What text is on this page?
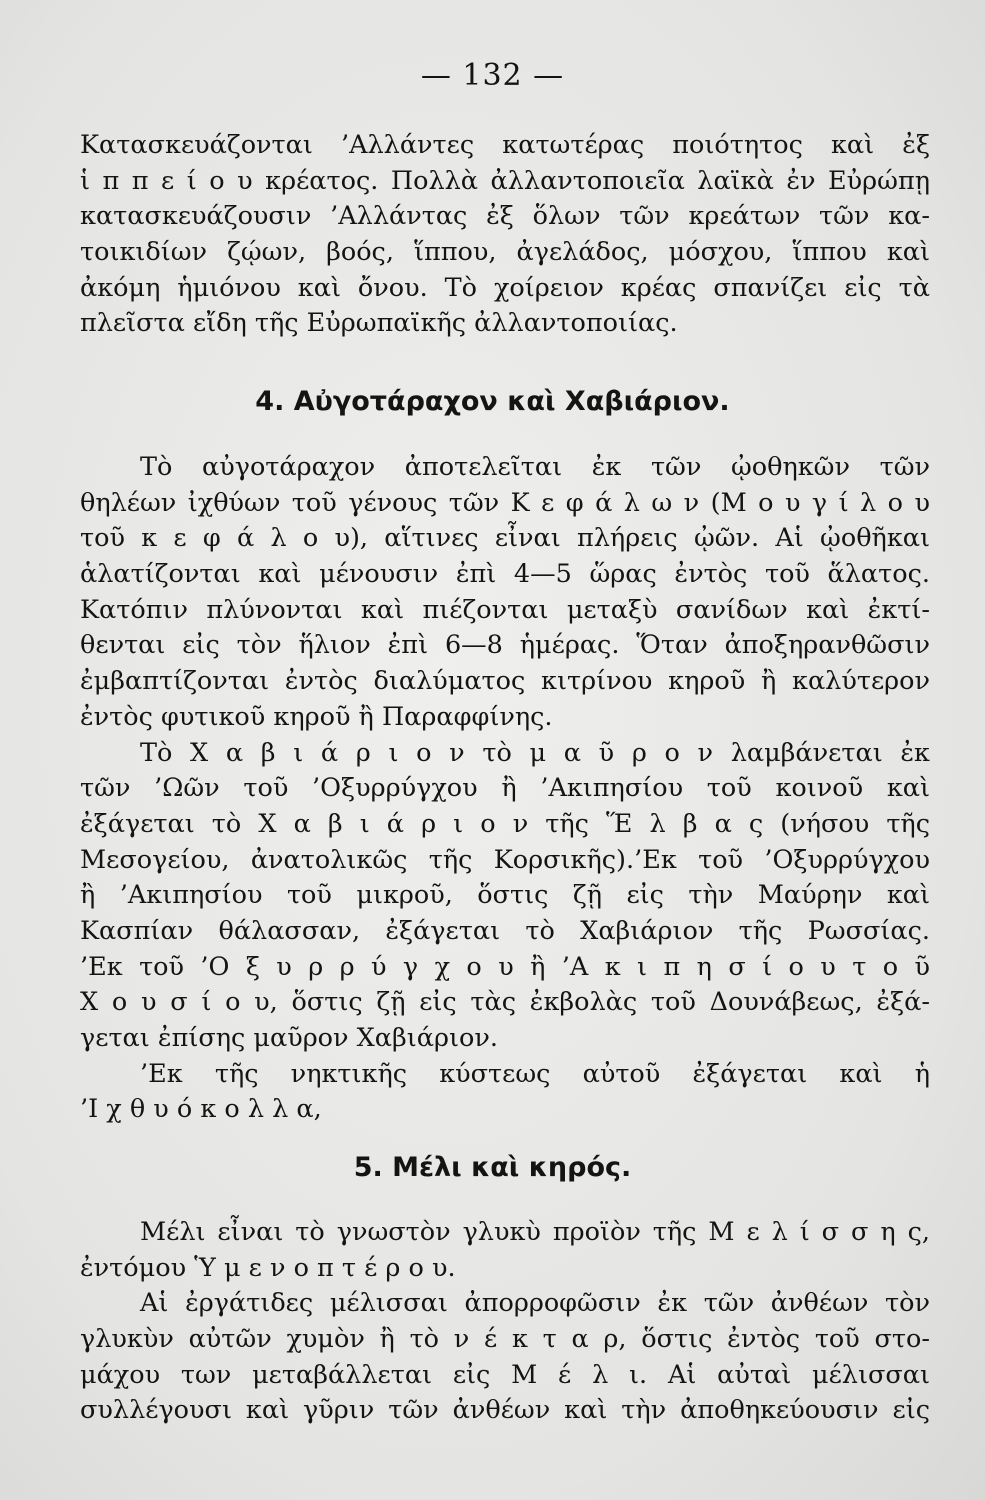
— 132 —
Κατασκευάζονται ’Αλλάντες κατωτέρας ποιότητος καὶ ἐξ
ἱ π π ε ί ο υ κρέατος. Πολλὰ ἀλλαντοποιεῖα λαϊκὰ ἐν Εὐρώπῃ
κατασκευάζουσιν ’Αλλάντας ἐξ ὅλων τῶν κρεάτων τῶν κα-
τοικιδίων ζῴων, βοός, ἵππου, ἀγελάδος, μόσχου, ἵππου καὶ
ἀκόμη ἡμιόνου καὶ ὄνου. Τὸ χοίρειον κρέας σπανίζει εἰς τὰ
πλεῖστα εἴδη τῆς Εὐρωπαϊκῆς ἀλλαντοποιίας.
4. Αὐγοτάραχον καὶ Χαβιάριον.
Τὸ αὐγοτάραχον ἀποτελεῖται ἐκ τῶν ᾠοθηκῶν τῶν
θηλέων ἰχθύων τοῦ γένους τῶν Κ ε φ ά λ ω ν (Μ ο υ γ ί λ ο υ
τοῦ κ ε φ ά λ ο υ), αἵτινες εἶναι πλήρεις ᾠῶν. Αἱ ᾠοθῆκαι
ἁλατίζονται καὶ μένουσιν ἐπὶ 4—5 ὥρας ἐντὸς τοῦ ἅλατος.
Κατόπιν πλύνονται καὶ πιέζονται μεταξὺ σανίδων καὶ ἐκτί-
θενται εἰς τὸν ἥλιον ἐπὶ 6—8 ἡμέρας. Ὅταν ἀποξηρανθῶσιν
ἐμβαπτίζονται ἐντὸς διαλύματος κιτρίνου κηροῦ ἢ καλύτερον
ἐντὸς φυτικοῦ κηροῦ ἢ Παραφφίνης.
Τὸ Χ α β ι ά ρ ι ο ν τὸ μ α ῦ ρ ο ν λαμβάνεται ἐκ
τῶν ’Ωῶν τοῦ ’Οξυρρύγχου ἢ ’Ακιπησίου τοῦ κοινοῦ καὶ
ἐξάγεται τὸ Χ α β ι ά ρ ι ο ν τῆς Ἕ λ β α ς (νήσου τῆς
Μεσογείου, ἀνατολικῶς τῆς Κορσικῆς).’Εκ τοῦ ’Οξυρρύγχου
ἢ ’Ακιπησίου τοῦ μικροῦ, ὅστις ζῇ εἰς τὴν Μαύρην καὶ
Κασπίαν θάλασσαν, ἐξάγεται τὸ Χαβιάριον τῆς Ρωσσίας.
’Εκ τοῦ ’Ο ξ υ ρ ρ ύ γ χ ο υ ἢ ’Α κ ι π η σ ί ο υ τ ο ῦ
Χ ο υ σ ί ο υ, ὅστις ζῇ εἰς τὰς ἐκβολὰς τοῦ Δουνάβεως, ἐξά-
γεται ἐπίσης μαῦρον Χαβιάριον.
’Εκ τῆς νηκτικῆς κύστεως αὐτοῦ ἐξάγεται καὶ ἡ
’Ι χ θ υ ό κ ο λ λ α,
5. Μέλι καὶ κηρός.
Μέλι εἶναι τὸ γνωστὸν γλυκὺ προϊὸν τῆς Μ ε λ ί σ σ η ς,
ἐντόμου Ὑ μ ε ν ο π τ έ ρ ο υ.
Αἱ ἐργάτιδες μέλισσαι ἀπορροφῶσιν ἐκ τῶν ἀνθέων τὸν
γλυκὺν αὐτῶν χυμὸν ἢ τὸ ν έ κ τ α ρ, ὅστις ἐντὸς τοῦ στο-
μάχου των μεταβάλλεται εἰς Μ έ λ ι. Αἱ αὐταὶ μέλισσαι
συλλέγουσι καὶ γῦριν τῶν ἀνθέων καὶ τὴν ἀποθηκεύουσιν εἰς
